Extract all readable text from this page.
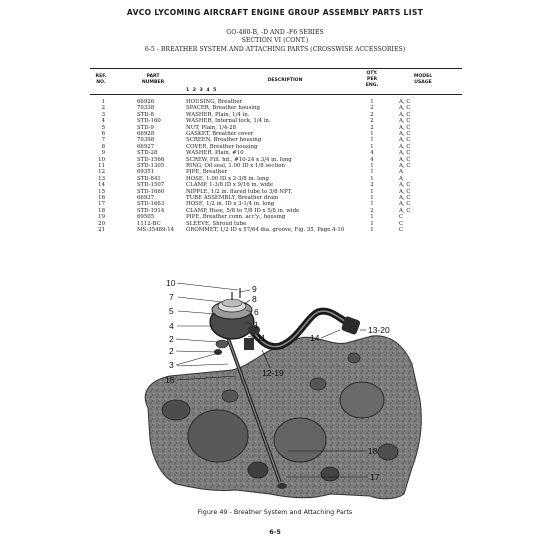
AVCO LYCOMING AIRCRAFT ENGINE GROUP ASSEMBLY PARTS LIST
GO-480-B, -D AND -F6 SERIES
SECTION VI (CONT.)
6-5 - BREATHER SYSTEM AND ATTACHING PARTS (CROSSWISE ACCESSORIES)
REF.
NO.
PART
NUMBER	DESCRIPTION
1 2 3 4 5
QTY.
PER
ENG.
MODEL
USAGE
1	66926	HOUSING, Breather	1	A, C
2	70338	SPACER, Breather housing	2	A, C
3	STD-8	WASHER, Plain, 1/4 in.	2	A, C
4	STD-160	WASHER, Internal lock, 1/4 in.	2	A, C
5	STD-9	NUT, Plain, 1/4-28	2	A, C
6	66928	GASKET, Breather cover	1	A, C
7	70398	SCREEN, Breather housing	1	A, C
8	66927	COVER, Breather housing	1	A, C
9	STD-28	WASHER, Plain, #10	4	A, C
10	STD-1566	SCREW, Fill. hd., #10-24 x 3/4 in. long	4	A, C
11	STD-1305	RING, Oil seal, 1.00 ID x 1/8 section	1	A, C
12	69351	PIPE, Breather	1	A
13	STD-841	HOSE, 1.00 ID x 2-3/8 in. long	1	A
14	STD-1507	CLAMP, 1-3/8 ID x 9/16 in. wide	2	A, C
15	STD-1660	NIPPLE, 1/2 in. flared tube to 3/8 NPT.	1	A, C
16	66937	TUBE ASSEMBLY, Breather drain	1	A, C
17	STD-1663	HOSE, 1/2 in. ID x 3-1/4 in. long	1	A, C
18	STD-1914	CLAMP, Hose, 5/8 to 7/8 ID x 5/8 in. wide	2	A, C
19	69505	PIPE, Breather conn. acc'y., housing	1	C
20	1112-BC	SLEEVE, Shroud tube	1	C
21	MS-35489-14 GROMMET, 1/2 ID x 57/64 dia. groove, Fig. 35, Page 4-10	1	C
10
9
7	8
5	6
4	1
2	11
2
3
12-19
16
14
13-20
18
17
Figure 49 - Breather System and Attaching Parts
6-5
